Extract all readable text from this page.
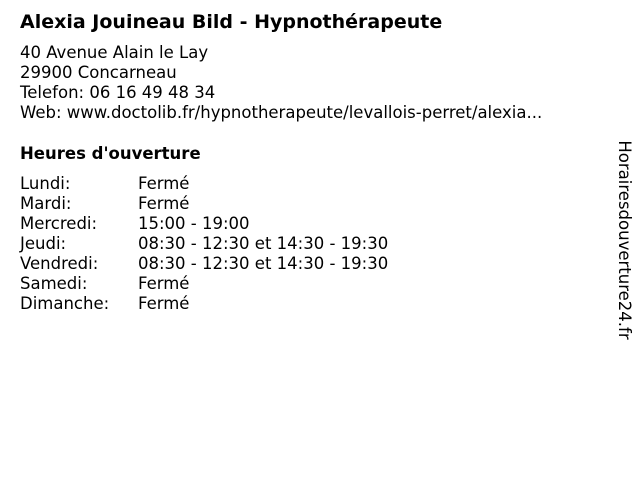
Alexia Jouineau Bild - Hypnothérapeute
40 Avenue Alain le Lay
29900 Concarneau
Telefon: 06 16 49 48 34
Web: www.doctolib.fr/hypnotherapeute/levallois-perret/alexia...
Heures d'ouverture
Lundi:	Fermé
Mardi:	Fermé
Mercredi:	15:00 - 19:00
Jeudi:	08:30 - 12:30 et 14:30 - 19:30
Vendredi:	08:30 - 12:30 et 14:30 - 19:30
Samedi:	Fermé
Dimanche:	Fermé	Horairesdouverture24.fr
